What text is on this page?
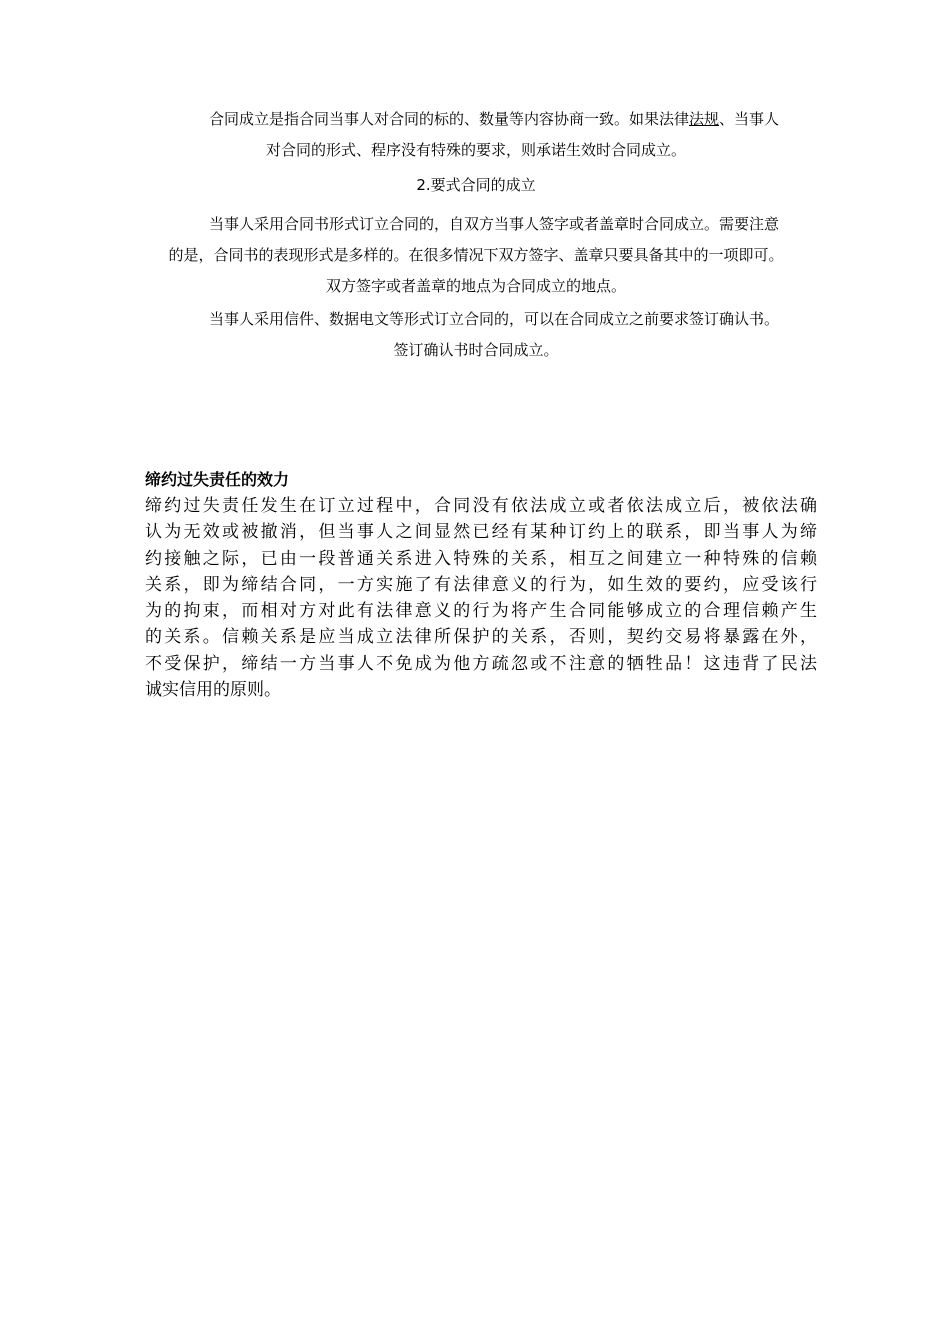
合同成立是指合同当事人对合同的标的、数量等内容协商一致。如果法律法规、当事人

对合同的形式、程序没有特殊的要求，则承诺生效时合同成立。

2.要式合同的成立

当事人采用合同书形式订立合同的，自双方当事人签字或者盖章时合同成立。需要注意

的是，合同书的表现形式是多样的。在很多情况下双方签字、盖章只要具备其中的一项即可。

双方签字或者盖章的地点为合同成立的地点。

当事人采用信件、数据电文等形式订立合同的，可以在合同成立之前要求签订确认书。

签订确认书时合同成立。

缔约过失责任的效力

缔约过失责任发生在订立过程中，合同没有依法成立或者依法成立后，被依法确
认为无效或被撤消，但当事人之间显然已经有某种订约上的联系，即当事人为缔
约接触之际，已由一段普通关系进入特殊的关系，相互之间建立一种特殊的信赖
关系，即为缔结合同，一方实施了有法律意义的行为，如生效的要约，应受该行
为的拘束，而相对方对此有法律意义的行为将产生合同能够成立的合理信赖产生
的关系。信赖关系是应当成立法律所保护的关系，否则，契约交易将暴露在外，
不受保护，缔结一方当事人不免成为他方疏忽或不注意的牺牲品！这违背了民法
诚实信用的原则。
